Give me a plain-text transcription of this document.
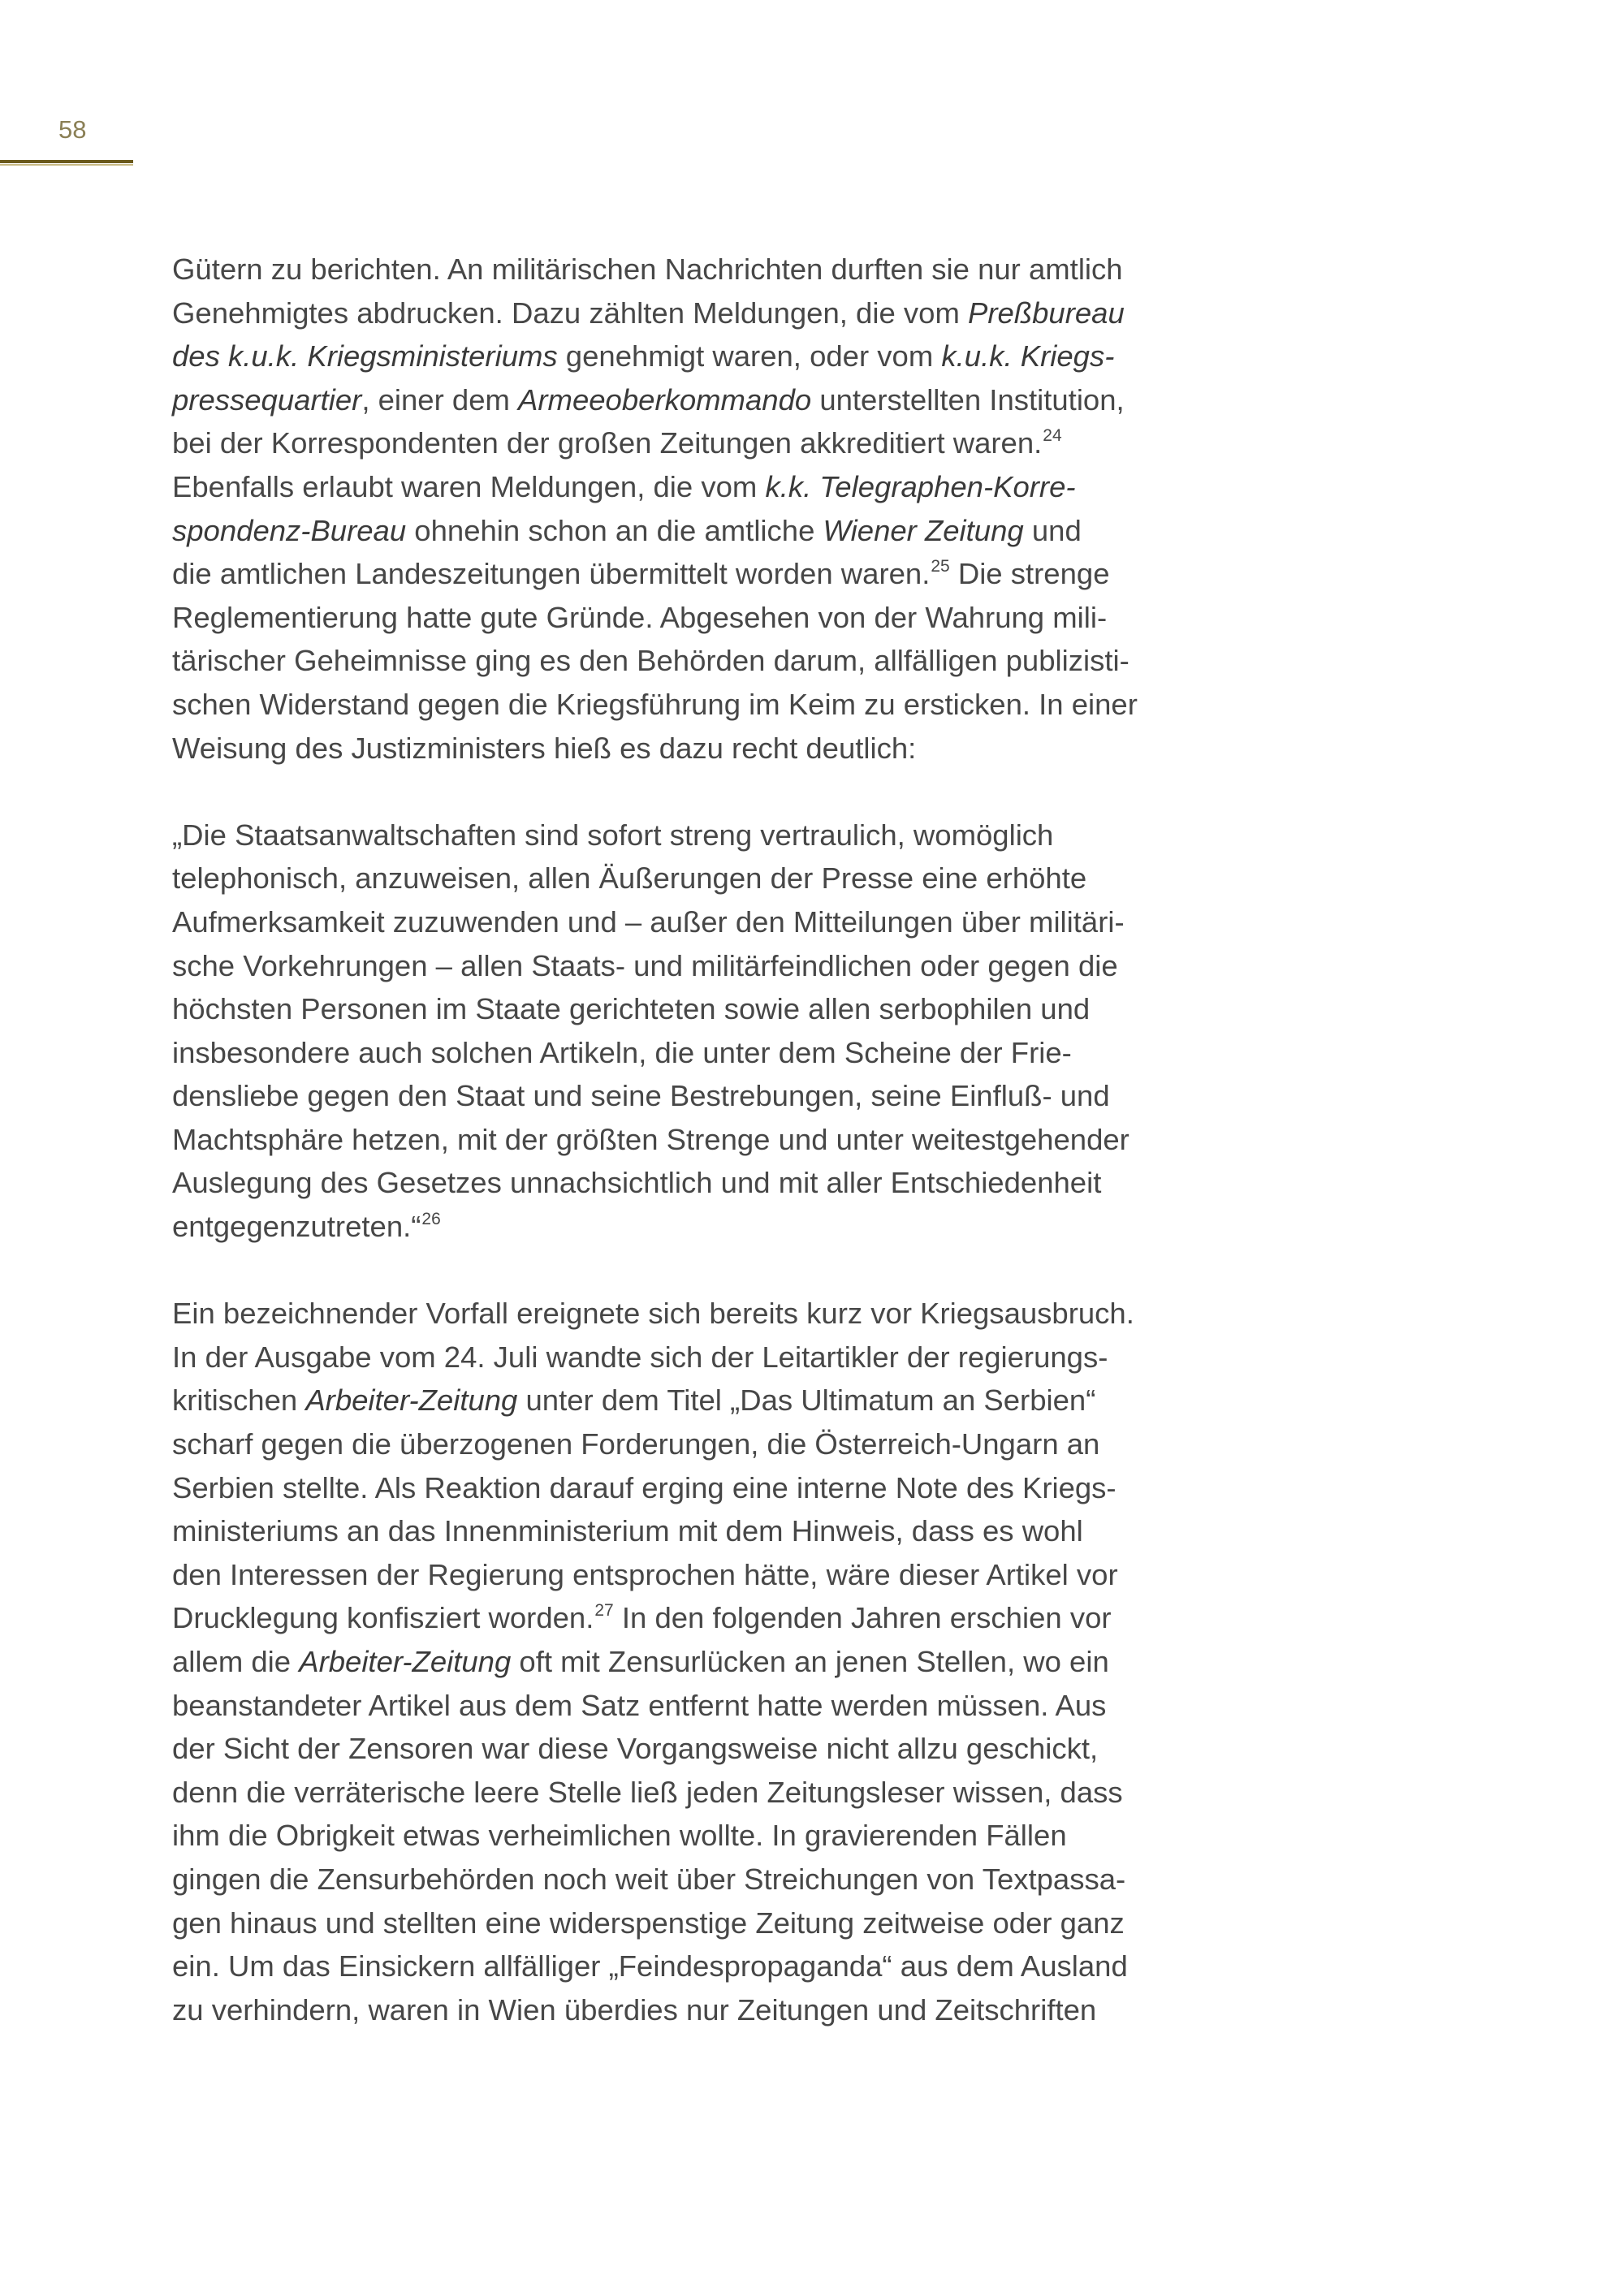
58
Gütern zu berichten. An militärischen Nachrichten durften sie nur amtlich
Genehmigtes abdrucken. Dazu zählten Meldungen, die vom Preßbureau
des k.u.k. Kriegsministeriums genehmigt waren, oder vom k.u.k. Kriegs-
pressequartier, einer dem Armeeoberkommando unterstellten Institution,
bei der Korrespondenten der großen Zeitungen akkreditiert waren.$^{24}$
Ebenfalls erlaubt waren Meldungen, die vom k.k. Telegraphen-Korre-
spondenz-Bureau ohnehin schon an die amtliche Wiener Zeitung und
die amtlichen Landeszeitungen übermittelt worden waren.$^{25}$ Die strenge
Reglementierung hatte gute Gründe. Abgesehen von der Wahrung mili-
tärischer Geheimnisse ging es den Behörden darum, allfälligen publizisti-
schen Widerstand gegen die Kriegsführung im Keim zu ersticken. In einer
Weisung des Justizministers hieß es dazu recht deutlich:
„Die Staatsanwaltschaften sind sofort streng vertraulich, womöglich
telephonisch, anzuweisen, allen Äußerungen der Presse eine erhöhte
Aufmerksamkeit zuzuwenden und – außer den Mitteilungen über militäri-
sche Vorkehrungen – allen Staats- und militärfeindlichen oder gegen die
höchsten Personen im Staate gerichteten sowie allen serbophilen und
insbesondere auch solchen Artikeln, die unter dem Scheine der Frie-
densliebe gegen den Staat und seine Bestrebungen, seine Einfluß- und
Machtsphäre hetzen, mit der größten Strenge und unter weitestgehender
Auslegung des Gesetzes unnachsichtlich und mit aller Entschiedenheit
entgegenzutreten.“$^{26}$
Ein bezeichnender Vorfall ereignete sich bereits kurz vor Kriegsausbruch.
In der Ausgabe vom 24. Juli wandte sich der Leitartikler der regierungs-
kritischen Arbeiter-Zeitung unter dem Titel „Das Ultimatum an Serbien“
scharf gegen die überzogenen Forderungen, die Österreich-Ungarn an
Serbien stellte. Als Reaktion darauf erging eine interne Note des Kriegs-
ministeriums an das Innenministerium mit dem Hinweis, dass es wohl
den Interessen der Regierung entsprochen hätte, wäre dieser Artikel vor
Drucklegung konfisziert worden.$^{27}$ In den folgenden Jahren erschien vor
allem die Arbeiter-Zeitung oft mit Zensurlücken an jenen Stellen, wo ein
beanstandeter Artikel aus dem Satz entfernt hatte werden müssen. Aus
der Sicht der Zensoren war diese Vorgangsweise nicht allzu geschickt,
denn die verräterische leere Stelle ließ jeden Zeitungsleser wissen, dass
ihm die Obrigkeit etwas verheimlichen wollte. In gravierenden Fällen
gingen die Zensurbehörden noch weit über Streichungen von Textpassa-
gen hinaus und stellten eine widerspenstige Zeitung zeitweise oder ganz
ein. Um das Einsickern allfälliger „Feindespropaganda“ aus dem Ausland
zu verhindern, waren in Wien überdies nur Zeitungen und Zeitschriften
